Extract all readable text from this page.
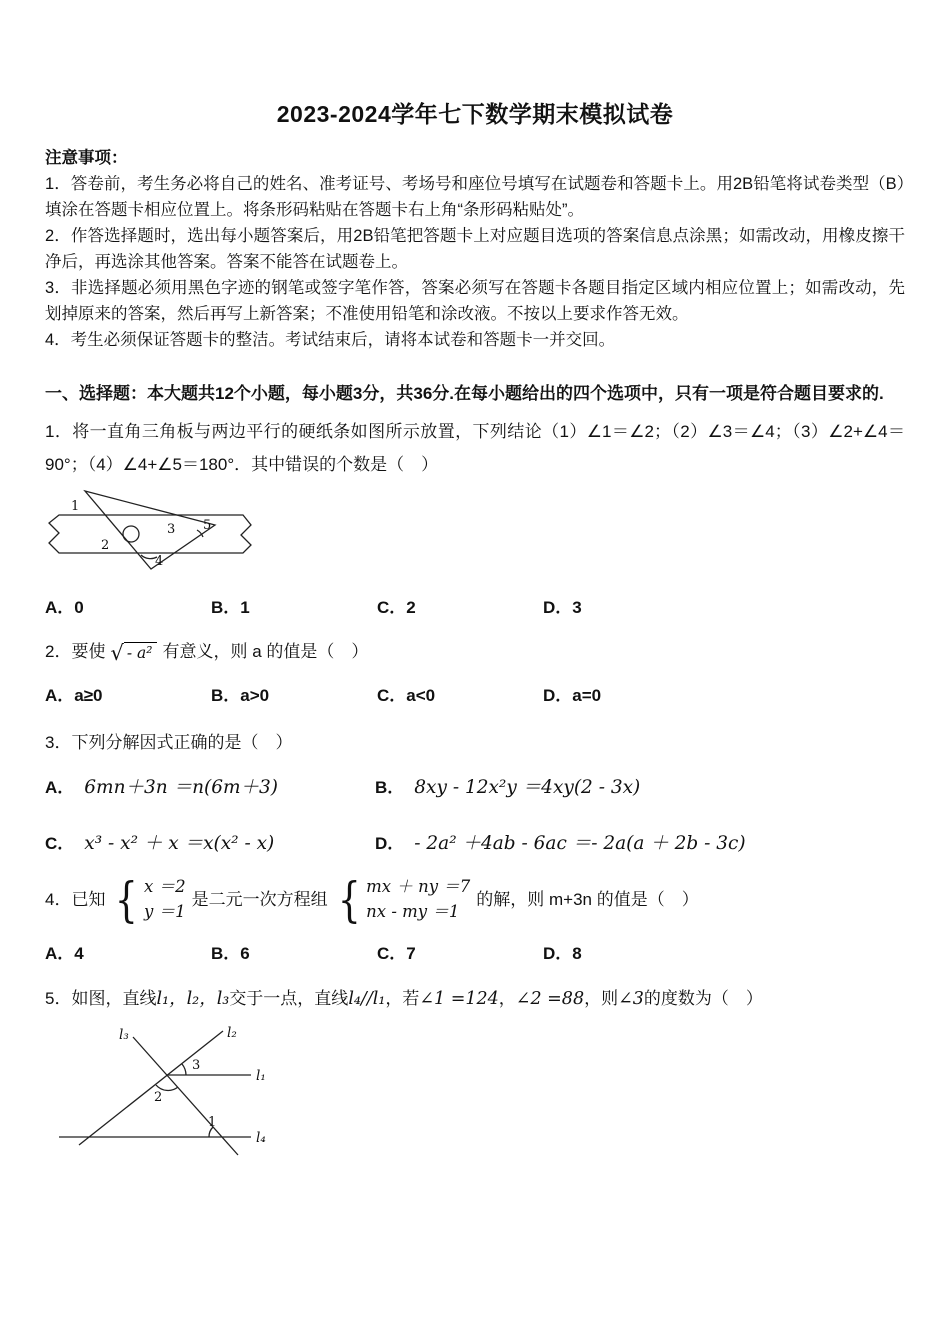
2023-2024学年七下数学期末模拟试卷

注意事项：

1．答卷前，考生务必将自己的姓名、准考证号、考场号和座位号填写在试题卷和答题卡上。用2B铅笔将试卷类型（B）填涂在答题卡相应位置上。将条形码粘贴在答题卡右上角“条形码粘贴处”。

2．作答选择题时，选出每小题答案后，用2B铅笔把答题卡上对应题目选项的答案信息点涂黑；如需改动，用橡皮擦干净后，再选涂其他答案。答案不能答在试题卷上。

3．非选择题必须用黑色字迹的钢笔或签字笔作答，答案必须写在答题卡各题目指定区域内相应位置上；如需改动，先划掉原来的答案，然后再写上新答案；不准使用铅笔和涂改液。不按以上要求作答无效。

4．考生必须保证答题卡的整洁。考试结束后，请将本试卷和答题卡一并交回。

一、选择题：本大题共12个小题，每小题3分，共36分.在每小题给出的四个选项中，只有一项是符合题目要求的.

1．将一直角三角板与两边平行的硬纸条如图所示放置，下列结论（1）∠1＝∠2；（2）∠3＝∠4；（3）∠2+∠4＝90°；（4）∠4+∠5＝180°．其中错误的个数是（　）

1
2
3
4
5
A．0	B．1	C．2	D．3
2．要使 √ - a² 有意义，则 a 的值是（　）
A．a≥0	B．a>0	C．a<0	D．a=0

3．下列分解因式正确的是（　）

A． 6mn＋3n ＝n(6m＋3)	B． 8xy - 12x²y ＝4xy(2 - 3x)
C． x³ - x² ＋ x ＝x(x² - x)	D． - 2a² ＋4ab - 6ac ＝- 2a(a ＋ 2b - 3c)
4．已知 { x ＝2
y ＝1
是二元一次方程组 { mx ＋ ny ＝7
nx - my ＝1
的解，则 m+3n 的值是（　）
A．4	B．6	C．7	D．8

5．如图，直线l₁，l₂，l₃交于一点，直线l₄//l₁，若∠1 =124，∠2 =88，则∠3的度数为（　）

l₃	l₂
l₁
l₄
3
2
1
